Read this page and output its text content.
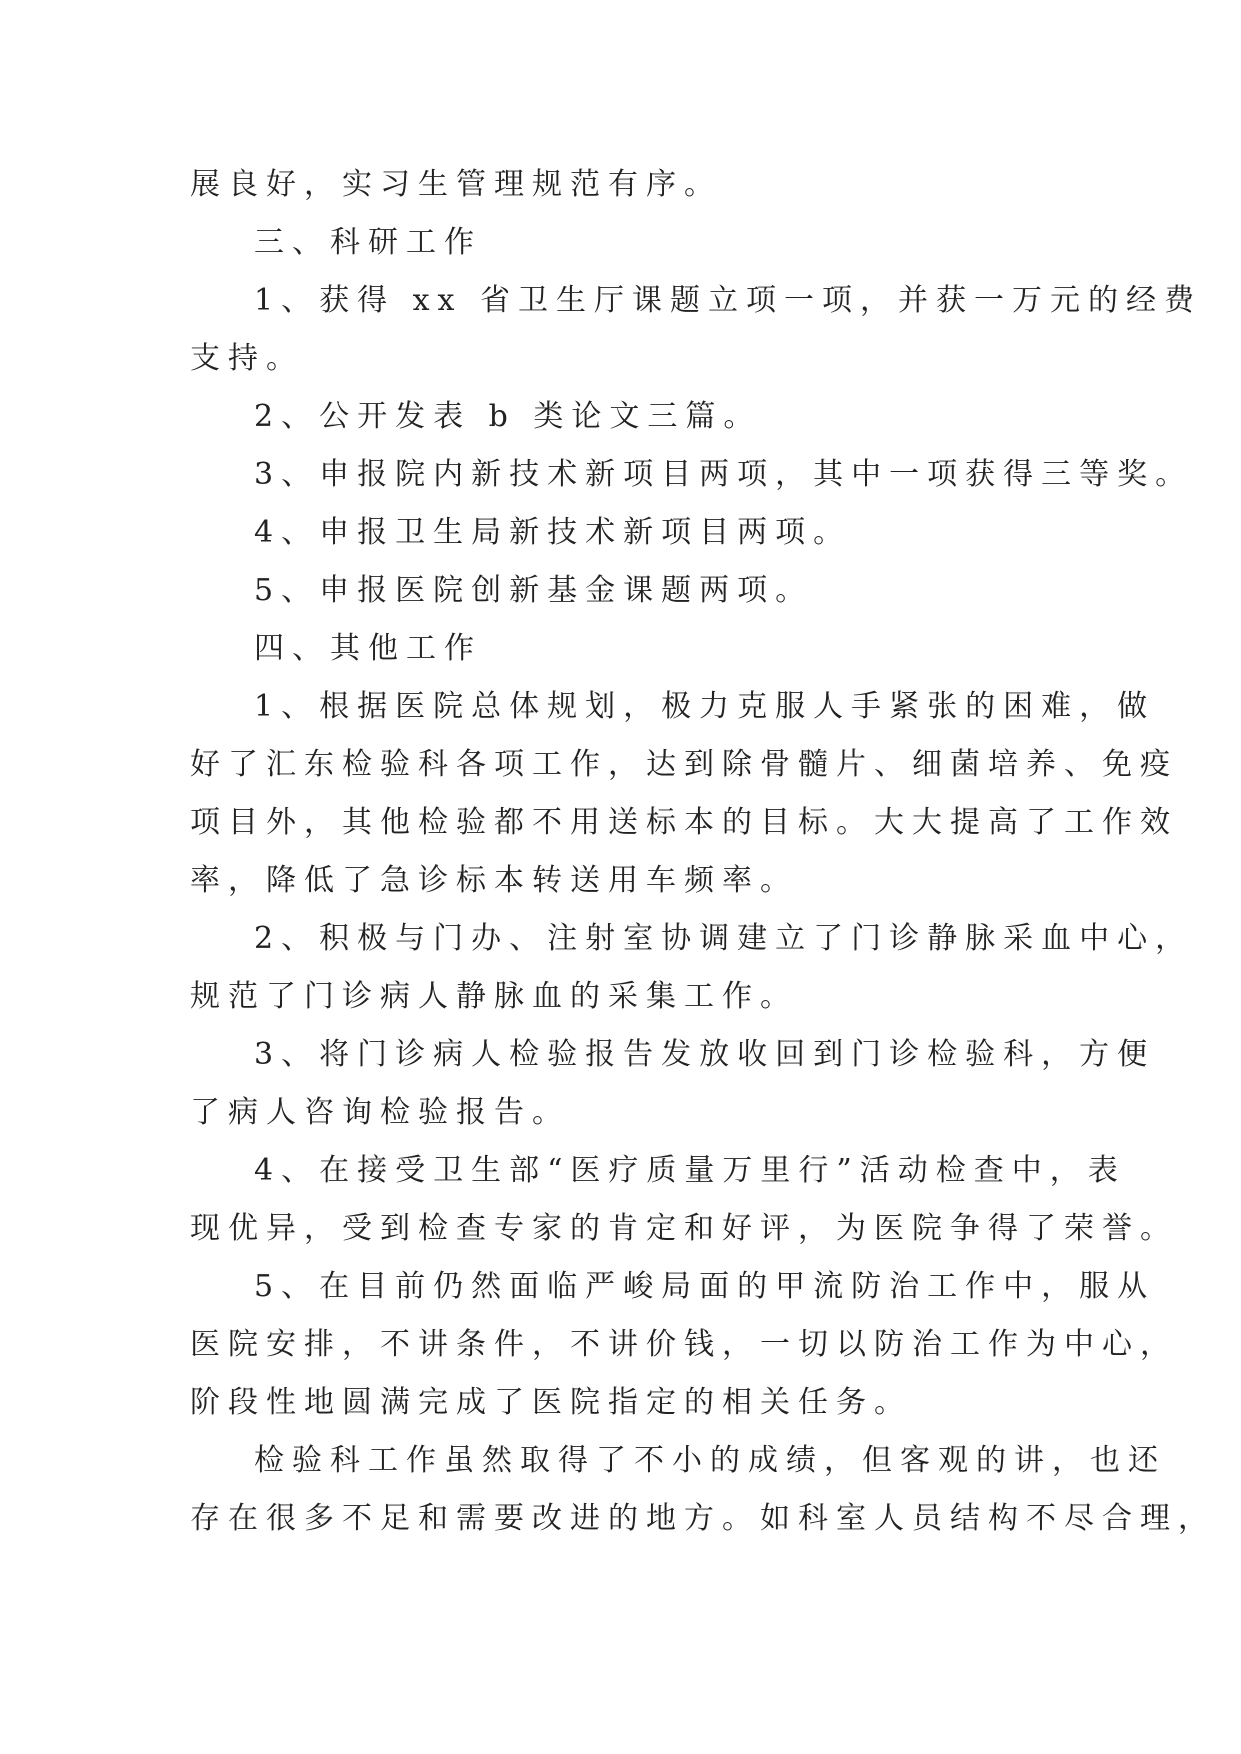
展良好，实习生管理规范有序。
三、科研工作
1、获得 xx 省卫生厅课题立项一项，并获一万元的经费
支持。
2、公开发表 b 类论文三篇。
3、申报院内新技术新项目两项，其中一项获得三等奖。
4、申报卫生局新技术新项目两项。
5、申报医院创新基金课题两项。
四、其他工作
1、根据医院总体规划，极力克服人手紧张的困难，做
好了汇东检验科各项工作，达到除骨髓片、细菌培养、免疫
项目外，其他检验都不用送标本的目标。大大提高了工作效
率，降低了急诊标本转送用车频率。
2、积极与门办、注射室协调建立了门诊静脉采血中心，
规范了门诊病人静脉血的采集工作。
3、将门诊病人检验报告发放收回到门诊检验科，方便
了病人咨询检验报告。
4、在接受卫生部“医疗质量万里行”活动检查中，表
现优异，受到检查专家的肯定和好评，为医院争得了荣誉。
5、在目前仍然面临严峻局面的甲流防治工作中，服从
医院安排，不讲条件，不讲价钱，一切以防治工作为中心，
阶段性地圆满完成了医院指定的相关任务。
检验科工作虽然取得了不小的成绩，但客观的讲，也还
存在很多不足和需要改进的地方。如科室人员结构不尽合理，
